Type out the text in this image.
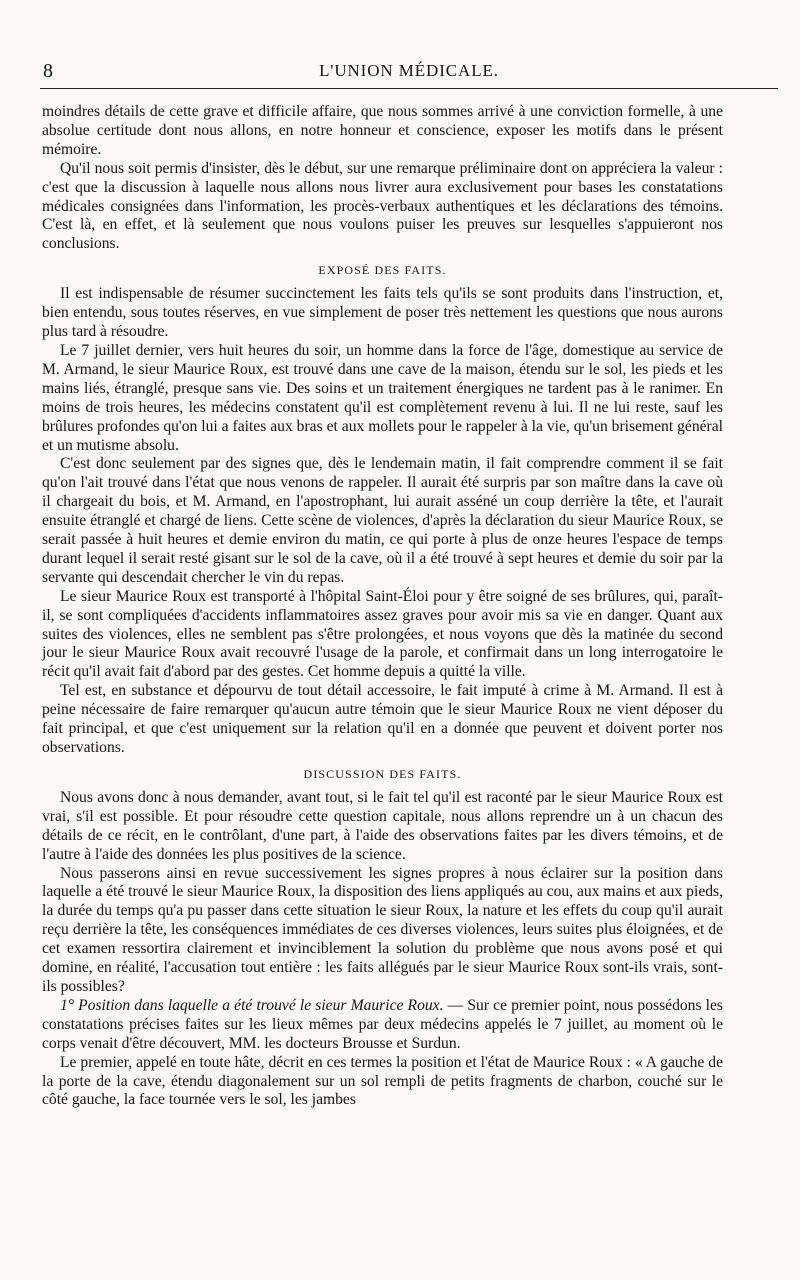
8	L'UNION MÉDICALE.

moindres détails de cette grave et difficile affaire, que nous sommes arrivé à une conviction formelle, à une absolue certitude dont nous allons, en notre honneur et conscience, exposer les motifs dans le présent mémoire.

Qu'il nous soit permis d'insister, dès le début, sur une remarque préliminaire dont on appréciera la valeur : c'est que la discussion à laquelle nous allons nous livrer aura exclusivement pour bases les constatations médicales consignées dans l'information, les procès-verbaux authentiques et les déclarations des témoins. C'est là, en effet, et là seulement que nous voulons puiser les preuves sur lesquelles s'appuieront nos conclusions.

EXPOSÉ DES FAITS.

Il est indispensable de résumer succinctement les faits tels qu'ils se sont produits dans l'instruction, et, bien entendu, sous toutes réserves, en vue simplement de poser très nettement les questions que nous aurons plus tard à résoudre.

Le 7 juillet dernier, vers huit heures du soir, un homme dans la force de l'âge, domestique au service de M. Armand, le sieur Maurice Roux, est trouvé dans une cave de la maison, étendu sur le sol, les pieds et les mains liés, étranglé, presque sans vie. Des soins et un traitement énergiques ne tardent pas à le ranimer. En moins de trois heures, les médecins constatent qu'il est complètement revenu à lui. Il ne lui reste, sauf les brûlures profondes qu'on lui a faites aux bras et aux mollets pour le rappeler à la vie, qu'un brisement général et un mutisme absolu.

C'est donc seulement par des signes que, dès le lendemain matin, il fait comprendre comment il se fait qu'on l'ait trouvé dans l'état que nous venons de rappeler. Il aurait été surpris par son maître dans la cave où il chargeait du bois, et M. Armand, en l'apostrophant, lui aurait asséné un coup derrière la tête, et l'aurait ensuite étranglé et chargé de liens. Cette scène de violences, d'après la déclaration du sieur Maurice Roux, se serait passée à huit heures et demie environ du matin, ce qui porte à plus de onze heures l'espace de temps durant lequel il serait resté gisant sur le sol de la cave, où il a été trouvé à sept heures et demie du soir par la servante qui descendait chercher le vin du repas.

Le sieur Maurice Roux est transporté à l'hôpital Saint-Éloi pour y être soigné de ses brûlures, qui, paraît-il, se sont compliquées d'accidents inflammatoires assez graves pour avoir mis sa vie en danger. Quant aux suites des violences, elles ne semblent pas s'être prolongées, et nous voyons que dès la matinée du second jour le sieur Maurice Roux avait recouvré l'usage de la parole, et confirmait dans un long interrogatoire le récit qu'il avait fait d'abord par des gestes. Cet homme depuis a quitté la ville.

Tel est, en substance et dépourvu de tout détail accessoire, le fait imputé à crime à M. Armand. Il est à peine nécessaire de faire remarquer qu'aucun autre témoin que le sieur Maurice Roux ne vient déposer du fait principal, et que c'est uniquement sur la relation qu'il en a donnée que peuvent et doivent porter nos observations.

DISCUSSION DES FAITS.

Nous avons donc à nous demander, avant tout, si le fait tel qu'il est raconté par le sieur Maurice Roux est vrai, s'il est possible. Et pour résoudre cette question capitale, nous allons reprendre un à un chacun des détails de ce récit, en le contrôlant, d'une part, à l'aide des observations faites par les divers témoins, et de l'autre à l'aide des données les plus positives de la science.

Nous passerons ainsi en revue successivement les signes propres à nous éclairer sur la position dans laquelle a été trouvé le sieur Maurice Roux, la disposition des liens appliqués au cou, aux mains et aux pieds, la durée du temps qu'a pu passer dans cette situation le sieur Roux, la nature et les effets du coup qu'il aurait reçu derrière la tête, les conséquences immédiates de ces diverses violences, leurs suites plus éloignées, et de cet examen ressortira clairement et invinciblement la solution du problème que nous avons posé et qui domine, en réalité, l'accusation tout entière : les faits allégués par le sieur Maurice Roux sont-ils vrais, sont-ils possibles?

1° Position dans laquelle a été trouvé le sieur Maurice Roux. — Sur ce premier point, nous possédons les constatations précises faites sur les lieux mêmes par deux médecins appelés le 7 juillet, au moment où le corps venait d'être découvert, MM. les docteurs Brousse et Surdun.

Le premier, appelé en toute hâte, décrit en ces termes la position et l'état de Maurice Roux : « A gauche de la porte de la cave, étendu diagonalement sur un sol rempli de petits fragments de charbon, couché sur le côté gauche, la face tournée vers le sol, les jambes
